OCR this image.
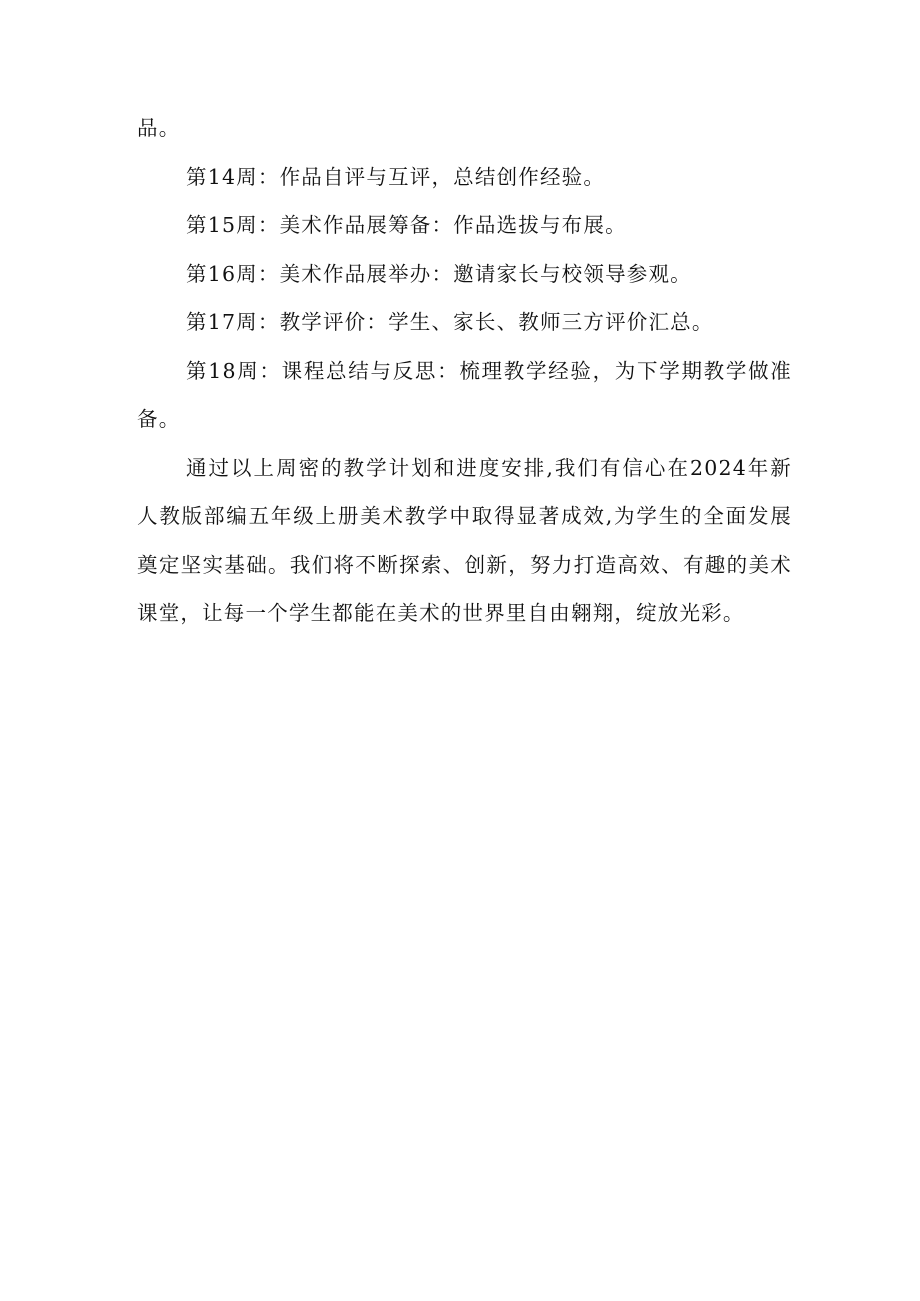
品。

第14周：作品自评与互评，总结创作经验。

第15周：美术作品展筹备：作品选拔与布展。

第16周：美术作品展举办：邀请家长与校领导参观。

第17周：教学评价：学生、家长、教师三方评价汇总。

第18周：课程总结与反思：梳理教学经验，为下学期教学做准备。

通过以上周密的教学计划和进度安排,我们有信心在2024年新人教版部编五年级上册美术教学中取得显著成效,为学生的全面发展奠定坚实基础。我们将不断探索、创新，努力打造高效、有趣的美术课堂，让每一个学生都能在美术的世界里自由翱翔，绽放光彩。
